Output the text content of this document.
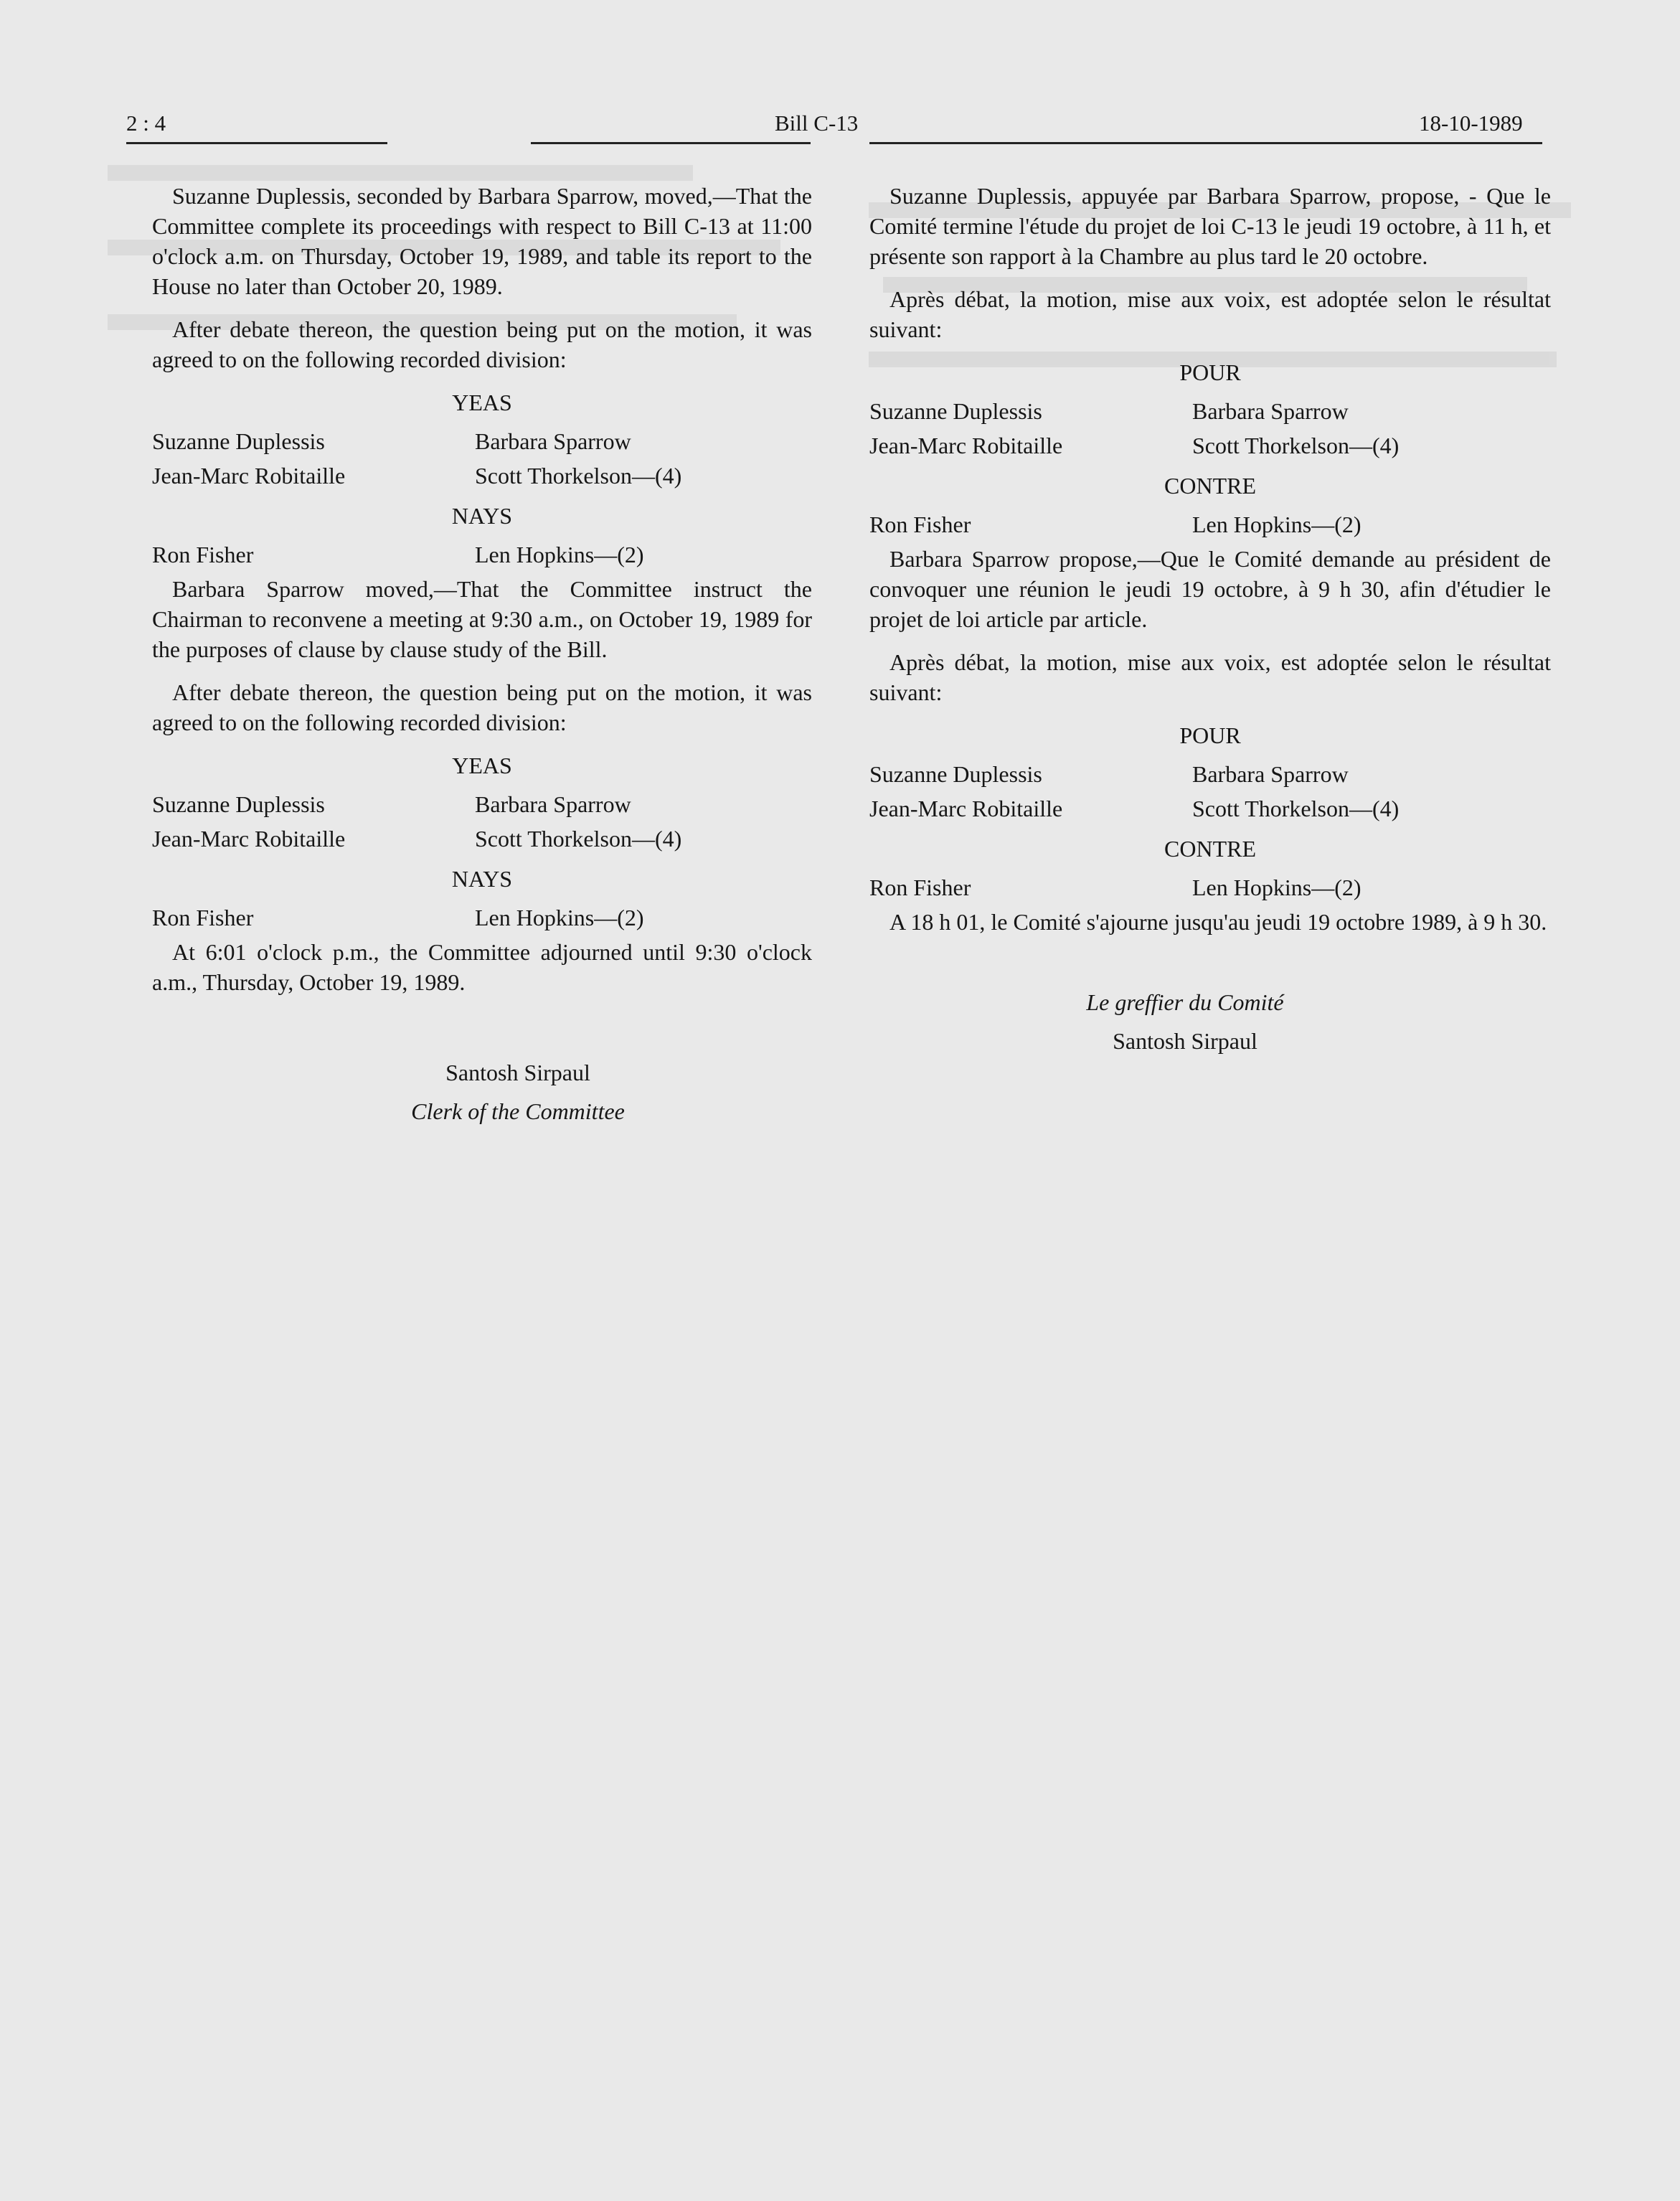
2 : 4	Bill C-13	18-10-1989

Suzanne Duplessis, seconded by Barbara Sparrow, moved,—That the Committee complete its proceedings with respect to Bill C-13 at 11:00 o'clock a.m. on Thursday, October 19, 1989, and table its report to the House no later than October 20, 1989.

After debate thereon, the question being put on the motion, it was agreed to on the following recorded division:

YEAS
Suzanne Duplessis	Barbara Sparrow
Jean-Marc Robitaille	Scott Thorkelson—(4)
NAYS
Ron Fisher	Len Hopkins—(2)

Barbara Sparrow moved,—That the Committee instruct the Chairman to reconvene a meeting at 9:30 a.m., on October 19, 1989 for the purposes of clause by clause study of the Bill.

After debate thereon, the question being put on the motion, it was agreed to on the following recorded division:

YEAS
Suzanne Duplessis	Barbara Sparrow
Jean-Marc Robitaille	Scott Thorkelson—(4)
NAYS
Ron Fisher	Len Hopkins—(2)

At 6:01 o'clock p.m., the Committee adjourned until 9:30 o'clock a.m., Thursday, October 19, 1989.

Santosh Sirpaul
Clerk of the Committee

Suzanne Duplessis, appuyée par Barbara Sparrow, propose, - Que le Comité termine l'étude du projet de loi C-13 le jeudi 19 octobre, à 11 h, et présente son rapport à la Chambre au plus tard le 20 octobre.

Après débat, la motion, mise aux voix, est adoptée selon le résultat suivant:

POUR
Suzanne Duplessis	Barbara Sparrow
Jean-Marc Robitaille	Scott Thorkelson—(4)
CONTRE
Ron Fisher	Len Hopkins—(2)

Barbara Sparrow propose,—Que le Comité demande au président de convoquer une réunion le jeudi 19 octobre, à 9 h 30, afin d'étudier le projet de loi article par article.

Après débat, la motion, mise aux voix, est adoptée selon le résultat suivant:

POUR
Suzanne Duplessis	Barbara Sparrow
Jean-Marc Robitaille	Scott Thorkelson—(4)
CONTRE
Ron Fisher	Len Hopkins—(2)

A 18 h 01, le Comité s'ajourne jusqu'au jeudi 19 octobre 1989, à 9 h 30.

Le greffier du Comité
Santosh Sirpaul
